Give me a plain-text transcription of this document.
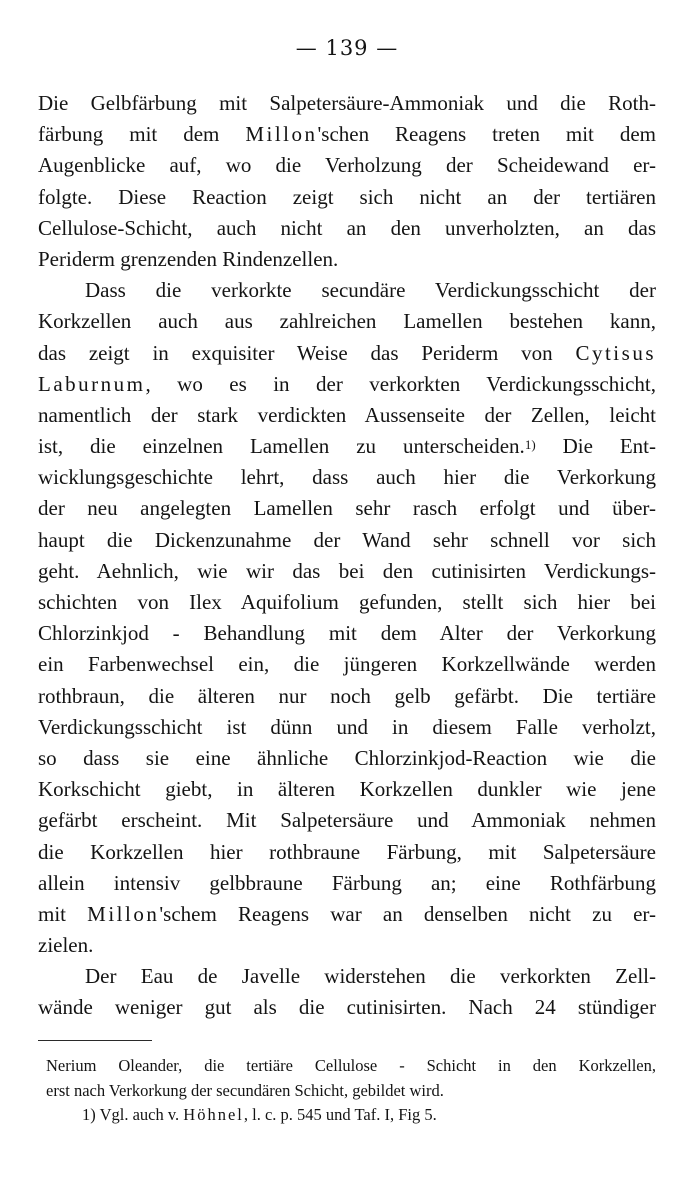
— 139 —
Die Gelbfärbung mit Salpetersäure-Ammoniak und die Roth-
färbung mit dem Millon'schen Reagens treten mit dem
Augenblicke auf, wo die Verholzung der Scheidewand er-
folgte. Diese Reaction zeigt sich nicht an der tertiären
Cellulose-Schicht, auch nicht an den unverholzten, an das
Periderm grenzenden Rindenzellen.
Dass die verkorkte secundäre Verdickungsschicht der
Korkzellen auch aus zahlreichen Lamellen bestehen kann,
das zeigt in exquisiter Weise das Periderm von Cytisus
Laburnum, wo es in der verkorkten Verdickungsschicht,
namentlich der stark verdickten Aussenseite der Zellen, leicht
ist, die einzelnen Lamellen zu unterscheiden.$^{1)}$ Die Ent-
wicklungsgeschichte lehrt, dass auch hier die Verkorkung
der neu angelegten Lamellen sehr rasch erfolgt und über-
haupt die Dickenzunahme der Wand sehr schnell vor sich
geht. Aehnlich, wie wir das bei den cutinisirten Verdickungs-
schichten von Ilex Aquifolium gefunden, stellt sich hier bei
Chlorzinkjod - Behandlung mit dem Alter der Verkorkung
ein Farbenwechsel ein, die jüngeren Korkzellwände werden
rothbraun, die älteren nur noch gelb gefärbt. Die tertiäre
Verdickungsschicht ist dünn und in diesem Falle verholzt,
so dass sie eine ähnliche Chlorzinkjod-Reaction wie die
Korkschicht giebt, in älteren Korkzellen dunkler wie jene
gefärbt erscheint. Mit Salpetersäure und Ammoniak nehmen
die Korkzellen hier rothbraune Färbung, mit Salpetersäure
allein intensiv gelbbraune Färbung an; eine Rothfärbung
mit Millon'schem Reagens war an denselben nicht zu er-
zielen.
Der Eau de Javelle widerstehen die verkorkten Zell-
wände weniger gut als die cutinisirten. Nach 24 stündiger
Nerium Oleander, die tertiäre Cellulose - Schicht in den Korkzellen,
erst nach Verkorkung der secundären Schicht, gebildet wird.
1) Vgl. auch v. Höhnel, l. c. p. 545 und Taf. I, Fig 5.
